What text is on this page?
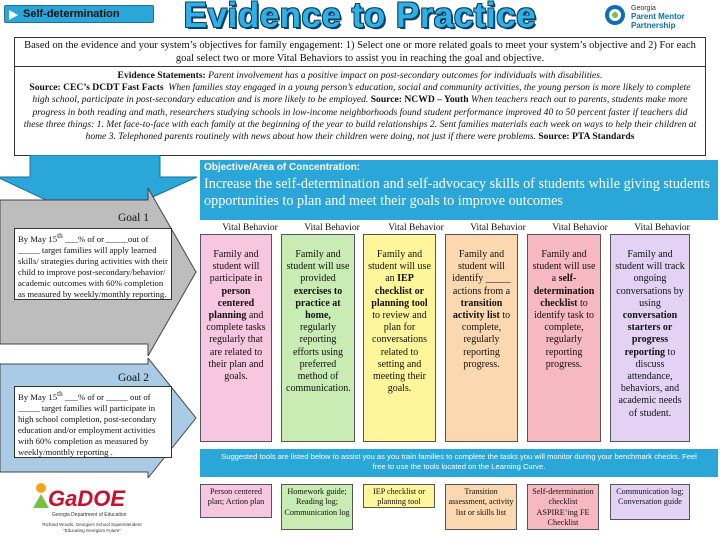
Self-determination	Evidence to Practice	Georgia
Parent Mentor
Partnership
Based on the evidence and your system’s objectives for family engagement: 1) Select one or more related goals to meet your system’s objective and 2) For each goal select two or more Vital Behaviors to assist you in reaching the goal and objective.
Evidence Statements: Parent involvement has a positive impact on post-secondary outcomes for individuals with disabilities.
Source: CEC’s DCDT Fast Facts When families stay engaged in a young person’s education, social and community activities, the young person is more likely to complete high school, participate in post-secondary education and is more likely to be employed. Source: NCWD – Youth When teachers reach out to parents, students make more progress in both reading and math, researchers studying schools in low-income neighborhoods found student performance improved 40 to 50 percent faster if teachers did these three things: 1. Met face-to-face with each family at the beginning of the year to build relationships 2. Sent families materials each week on ways to help their children at home 3. Telephoned parents routinely with news about how their children were doing, not just if there were problems. Source: PTA Standards
Objective/Area of Concentration:
Increase the self-determination and self-advocacy skills of students while giving students opportunities to plan and meet their goals to improve outcomes
Goal 1
By May 15th ___% of or _____out of _____ target families will apply learned skills/ strategies during activities with their child to improve post-secondary/behavior/ academic outcomes with 60% completion as measured by weekly/monthly reporting.
Goal 2
By May 15th ___% of or _____ out of _____ target families will participate in high school completion, post-secondary education and/or employment activities with 60% completion as measured by weekly/monthly reporting .
Vital Behavior	Vital Behavior	Vital Behavior	Vital Behavior	Vital Behavior	Vital Behavior
Family and student will participate in person centered planning and complete tasks regularly that are related to their plan and goals.
Family and student will use provided exercises to practice at home, regularly reporting efforts using preferred method of communication.
Family and student will use an IEP checklist or planning tool to review and plan for conversations related to setting and meeting their goals.
Family and student will identify _____ actions from a transition activity list to complete, regularly reporting progress.
Family and student will use a self-determination checklist to identify task to complete, regularly reporting progress.
Family and student will track ongoing conversations by using conversation starters or progress reporting to discuss attendance, behaviors, and academic needs of student.
Suggested tools are listed below to assist you as you train families to complete the tasks you will monitor during your benchmark checks. Feel free to use the tools located on the Learning Curve.
Person centered plan; Action plan
Homework guide; Reading log; Communication log
IEP checklist or planning tool
Transition assessment, activity list or skills list
Self-determination checklist ASPIRE’ing FE Checklist
Communication log; Conversation guide
GaDOE
Georgia Department of Education
Richard Woods, Georgia’s School Superintendent
“Educating Georgia’s Future”
